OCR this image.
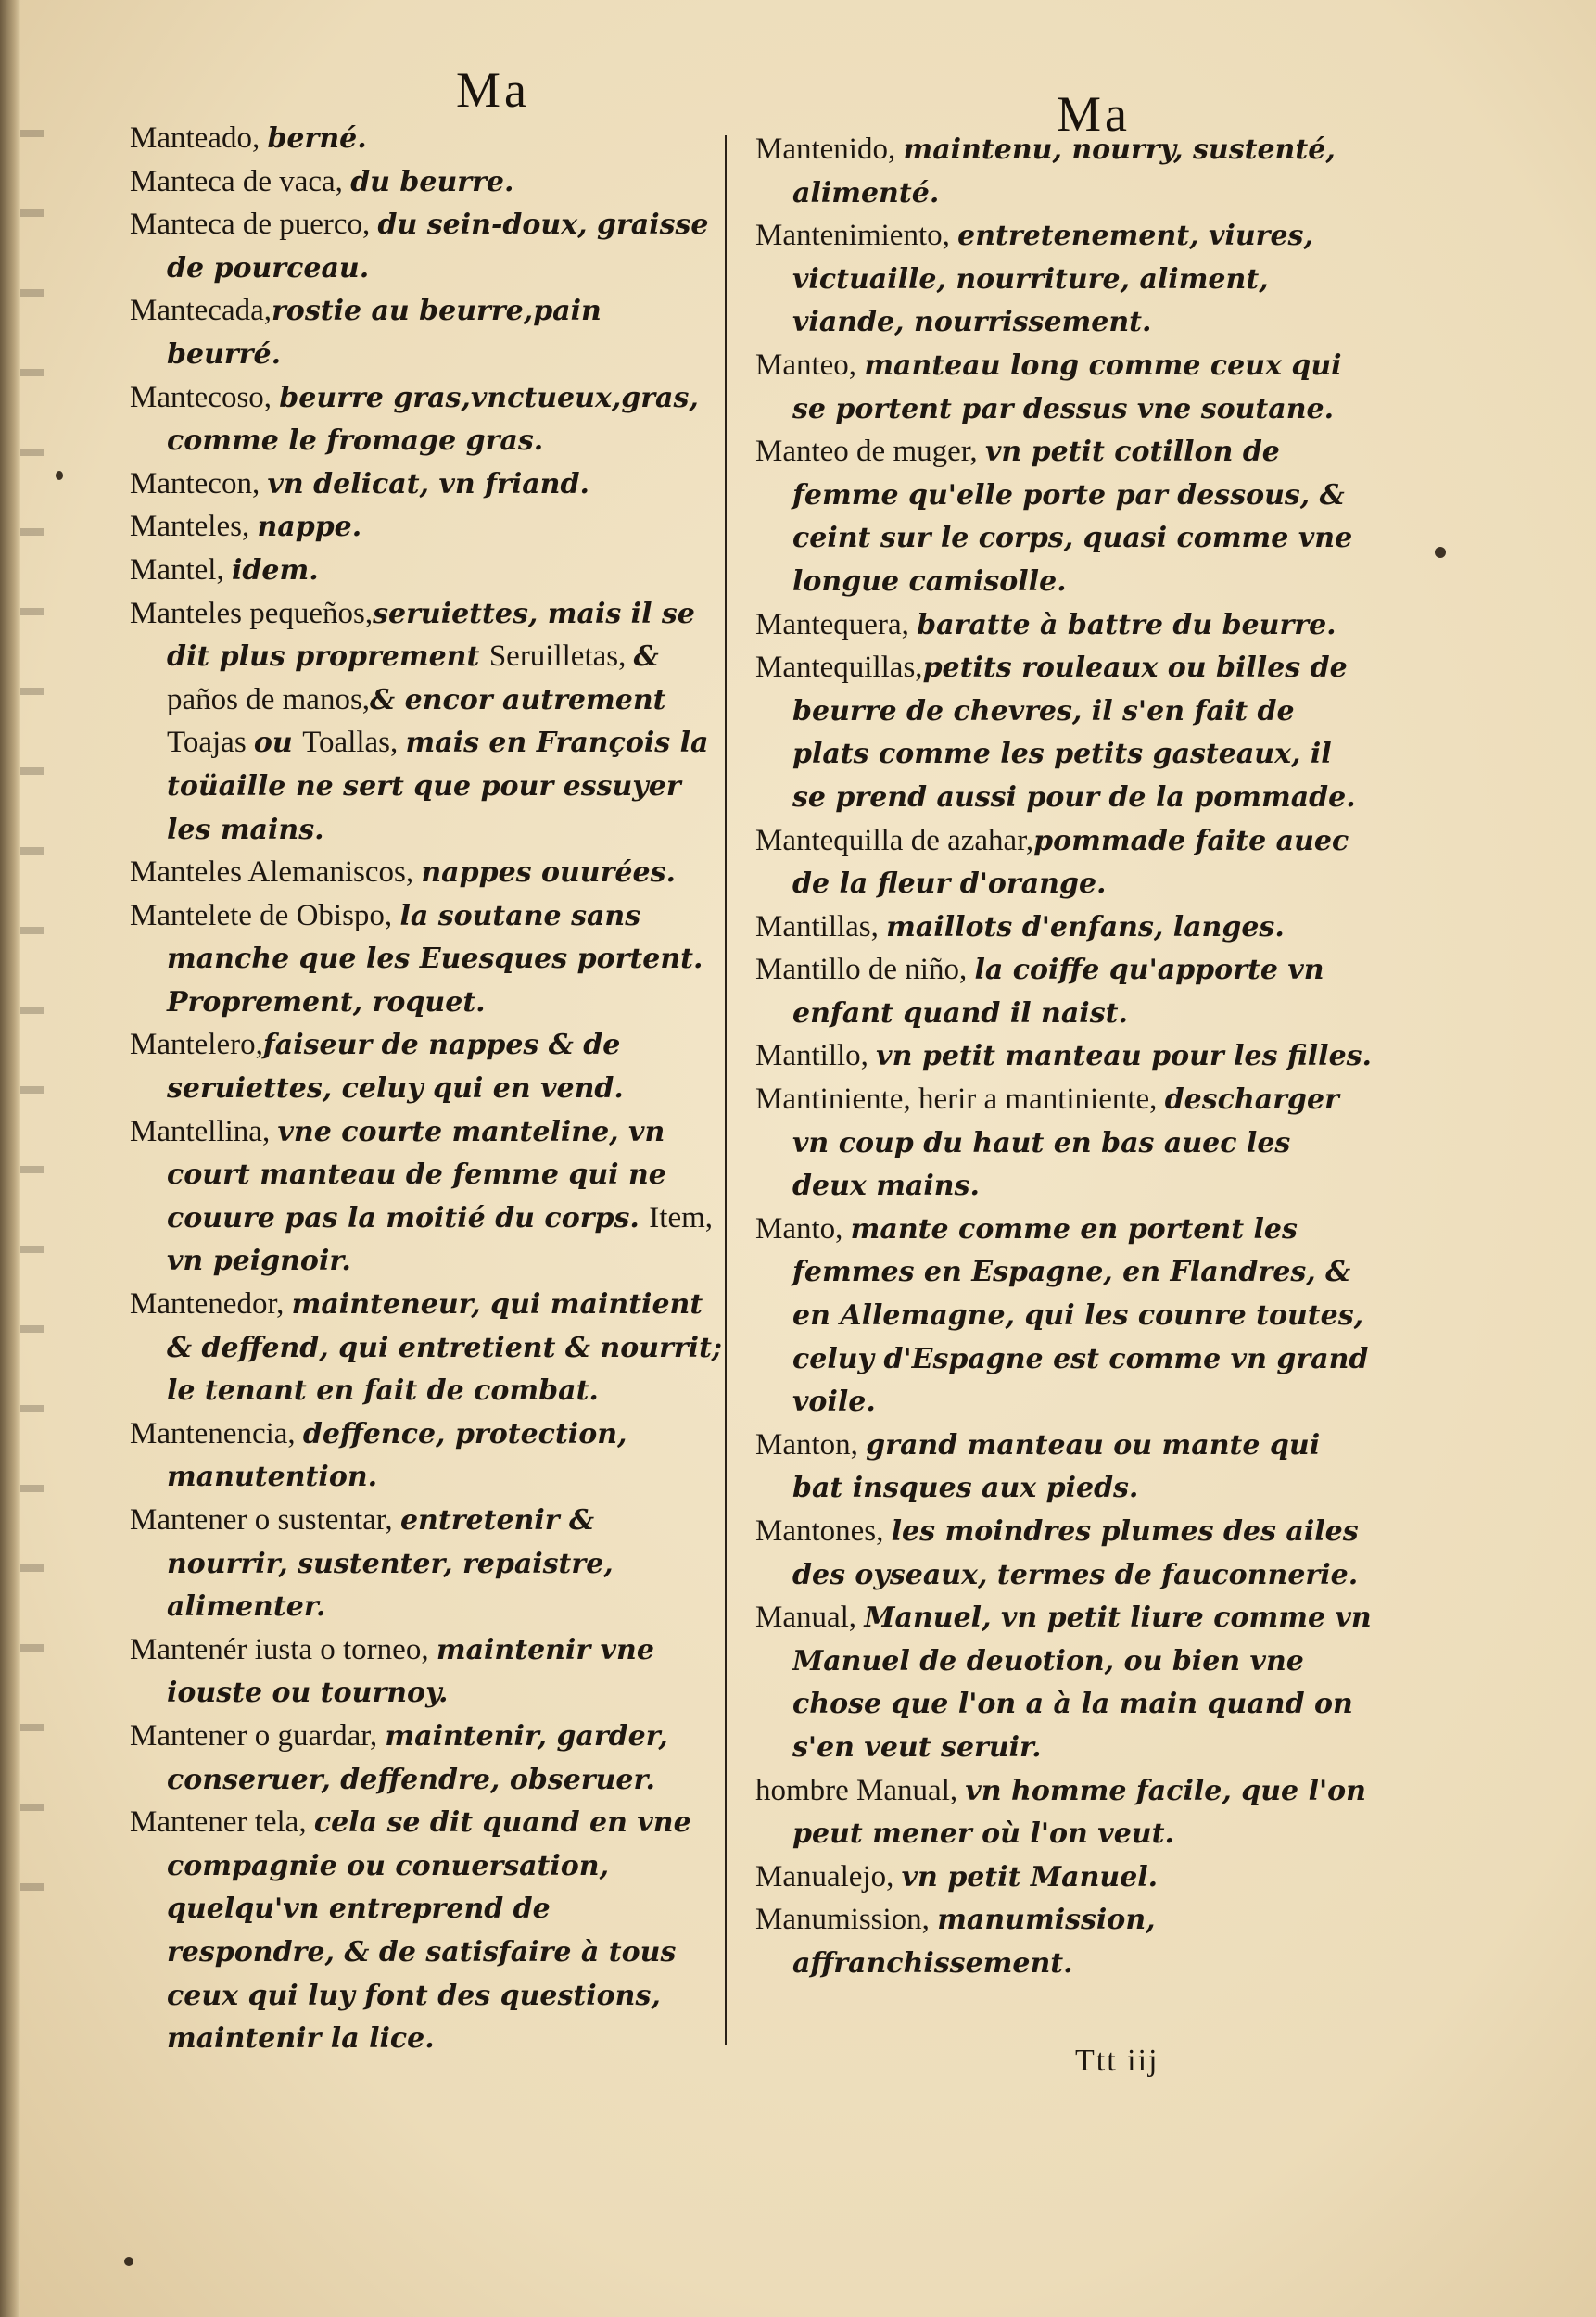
Ma	Ma

Manteado, berné.

Manteca de vaca, du beurre.

Manteca de puerco, du sein-doux, graisse de pourceau.

Mantecada,rostie au beurre,pain beurré.

Mantecoso, beurre gras,vnctueux,gras, comme le fromage gras.

Mantecon, vn delicat, vn friand.

Manteles, nappe.

Mantel, idem.

Manteles pequeños,seruiettes, mais il se dit plus proprement Seruilletas, & paños de manos,& encor autrement Toajas ou Toallas, mais en François la toüaille ne sert que pour essuyer les mains.

Manteles Alemaniscos, nappes ouurées.

Mantelete de Obispo, la soutane sans manche que les Euesques portent. Proprement, roquet.

Mantelero,faiseur de nappes & de seruiettes, celuy qui en vend.

Mantellina, vne courte manteline, vn court manteau de femme qui ne couure pas la moitié du corps. Item, vn peignoir.

Mantenedor, mainteneur, qui maintient & deffend, qui entretient & nourrit; le tenant en fait de combat.

Mantenencia, deffence, protection, manutention.

Mantener o sustentar, entretenir & nourrir, sustenter, repaistre, alimenter.

Mantenér iusta o torneo, maintenir vne ioustе ou tournoy.

Mantener o guardar, maintenir, garder, conseruer, deffendre, obseruer.

Mantener tela, cela se dit quand en vne compagnie ou conuersation, quelqu'vn entreprend de respondre, & de satisfaire à tous ceux qui luy font des questions, maintenir la lice.

Mantenido, maintenu, nourry, sustenté, alimenté.

Mantenimiento, entretenement, viures, victuaille, nourriture, aliment, viande, nourrissement.

Manteo, manteau long comme ceux qui se portent par dessus vne soutane.

Manteo de muger, vn petit cotillon de femme qu'elle porte par dessous, & ceint sur le corps, quasi comme vne longue camisolle.

Mantequera, baratte à battre du beurre.

Mantequillas,petits rouleaux ou billes de beurre de chevres, il s'en fait de plats comme les petits gasteaux, il se prend aussi pour de la pommade.

Mantequilla de azahar,pommade faite auec de la fleur d'orange.

Mantillas, maillots d'enfans, langes.

Mantillo de niño, la coiffe qu'apporte vn enfant quand il naist.

Mantillo, vn petit manteau pour les filles.

Mantiniente, herir a mantiniente, descharger vn coup du haut en bas auec les deux mains.

Manto, mante comme en portent les femmes en Espagne, en Flandres, & en Allemagne, qui les counre toutes, celuy d'Espagne est comme vn grand voile.

Manton, grand manteau ou mante qui bat insques aux pieds.

Mantones, les moindres plumes des ailes des oyseaux, termes de fauconnerie.

Manual, Manuel, vn petit liure comme vn Manuel de deuotion, ou bien vne chose que l'on a à la main quand on s'en veut seruir.

hombre Manual, vn homme facile, que l'on peut mener où l'on veut.

Manualejo, vn petit Manuel.

Manumission, manumission, affranchissement.

Ttt iij
